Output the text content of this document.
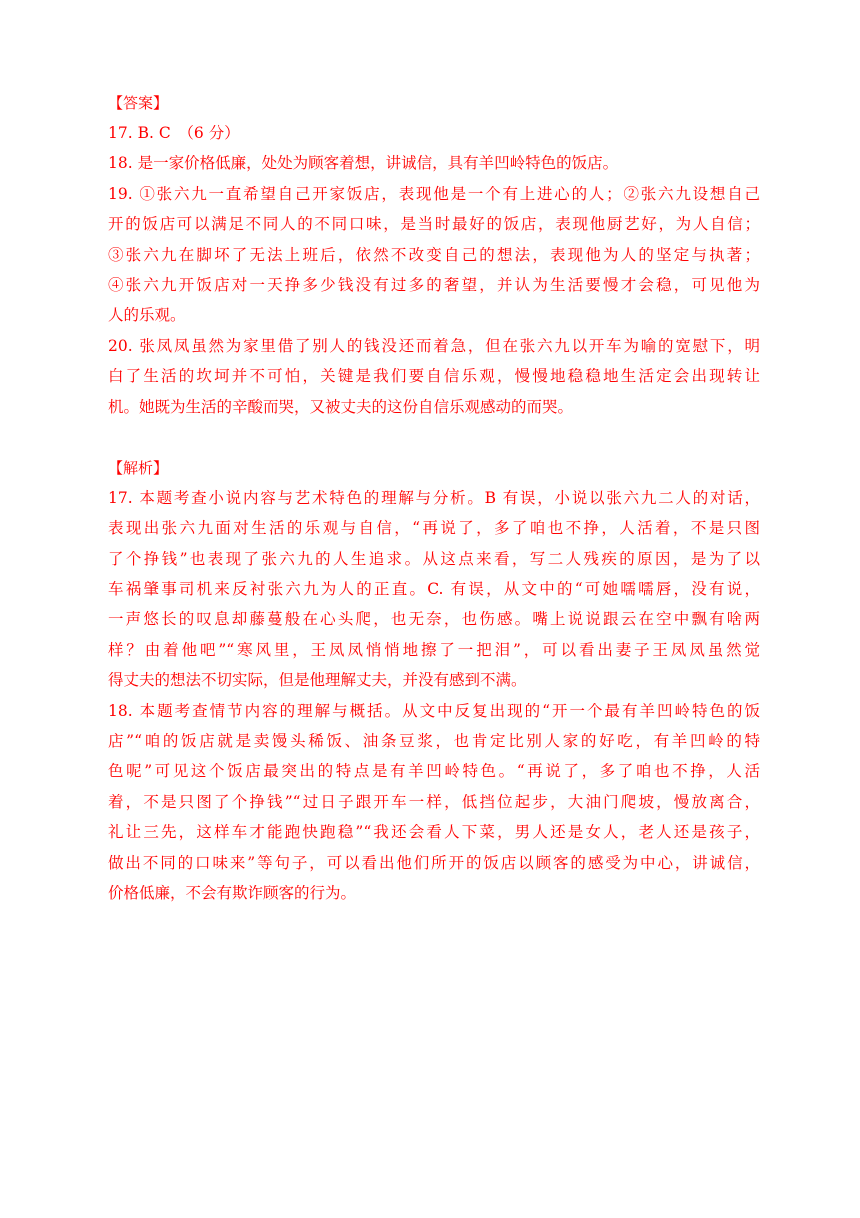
【答案】
17. B. C　（6 分）
18. 是一家价格低廉，处处为顾客着想，讲诚信，具有羊凹岭特色的饭店。
19. ①张六九一直希望自己开家饭店，表现他是一个有上进心的人；②张六九设想自己
开的饭店可以满足不同人的不同口味，是当时最好的饭店，表现他厨艺好，为人自信；
③张六九在脚坏了无法上班后，依然不改变自己的想法，表现他为人的坚定与执著；
④张六九开饭店对一天挣多少钱没有过多的奢望，并认为生活要慢才会稳，可见他为
人的乐观。
20. 张凤凤虽然为家里借了别人的钱没还而着急，但在张六九以开车为喻的宽慰下，明
白了生活的坎坷并不可怕，关键是我们要自信乐观，慢慢地稳稳地生活定会出现转让
机。她既为生活的辛酸而哭，又被丈夫的这份自信乐观感动的而哭。
【解析】
17. 本题考查小说内容与艺术特色的理解与分析。B 有误，小说以张六九二人的对话，
表现出张六九面对生活的乐观与自信，“再说了，多了咱也不挣，人活着，不是只图
了个挣钱”也表现了张六九的人生追求。从这点来看，写二人残疾的原因，是为了以
车祸肇事司机来反衬张六九为人的正直。C. 有误，从文中的“可她嚅嚅唇，没有说，
一声悠长的叹息却藤蔓般在心头爬，也无奈，也伤感。嘴上说说跟云在空中飘有啥两
样？由着他吧”“寒风里，王凤凤悄悄地擦了一把泪”，可以看出妻子王凤凤虽然觉
得丈夫的想法不切实际，但是他理解丈夫，并没有感到不满。
18. 本题考查情节内容的理解与概括。从文中反复出现的“开一个最有羊凹岭特色的饭
店”“咱的饭店就是卖馒头稀饭、油条豆浆，也肯定比别人家的好吃，有羊凹岭的特
色呢”可见这个饭店最突出的特点是有羊凹岭特色。“再说了，多了咱也不挣，人活
着，不是只图了个挣钱”“过日子跟开车一样，低挡位起步，大油门爬坡，慢放离合，
礼让三先，这样车才能跑快跑稳”“我还会看人下菜，男人还是女人，老人还是孩子，
做出不同的口味来”等句子，可以看出他们所开的饭店以顾客的感受为中心，讲诚信，
价格低廉，不会有欺诈顾客的行为。
